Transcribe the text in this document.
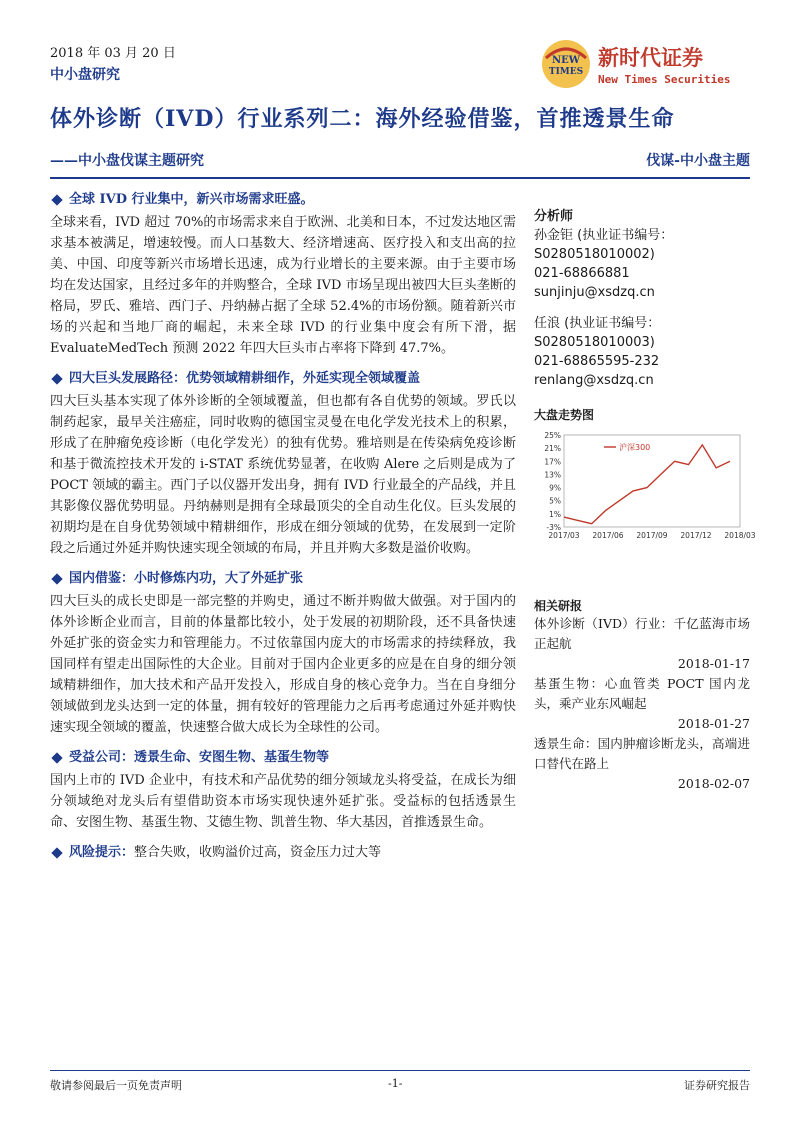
2018 年 03 月 20 日
中小盘研究
NEW
TIMES
新时代证券
New Times Securities
体外诊断（IVD）行业系列二：海外经验借鉴，首推透景生命
——中小盘伐谋主题研究	伐谋-中小盘主题
全球 IVD 行业集中，新兴市场需求旺盛。

全球来看，IVD 超过 70%的市场需求来自于欧洲、北美和日本，不过发达地区需求基本被满足，增速较慢。而人口基数大、经济增速高、医疗投入和支出高的拉美、中国、印度等新兴市场增长迅速，成为行业增长的主要来源。由于主要市场均在发达国家，且经过多年的并购整合，全球 IVD 市场呈现出被四大巨头垄断的格局，罗氏、雅培、西门子、丹纳赫占据了全球 52.4%的市场份额。随着新兴市场的兴起和当地厂商的崛起，未来全球 IVD 的行业集中度会有所下滑，据 EvaluateMedTech 预测 2022 年四大巨头市占率将下降到 47.7%。

四大巨头发展路径：优势领域精耕细作，外延实现全领域覆盖

四大巨头基本实现了体外诊断的全领域覆盖，但也都有各自优势的领域。罗氏以制药起家，最早关注癌症，同时收购的德国宝灵曼在电化学发光技术上的积累，形成了在肿瘤免疫诊断（电化学发光）的独有优势。雅培则是在传染病免疫诊断和基于微流控技术开发的 i-STAT 系统优势显著，在收购 Alere 之后则是成为了 POCT 领域的霸主。西门子以仪器开发出身，拥有 IVD 行业最全的产品线，并且其影像仪器优势明显。丹纳赫则是拥有全球最顶尖的全自动生化仪。巨头发展的初期均是在自身优势领域中精耕细作，形成在细分领域的优势，在发展到一定阶段之后通过外延并购快速实现全领域的布局，并且并购大多数是溢价收购。

国内借鉴：小时修炼内功，大了外延扩张

四大巨头的成长史即是一部完整的并购史，通过不断并购做大做强。对于国内的体外诊断企业而言，目前的体量都比较小，处于发展的初期阶段，还不具备快速外延扩张的资金实力和管理能力。不过依靠国内庞大的市场需求的持续释放，我国同样有望走出国际性的大企业。目前对于国内企业更多的应是在自身的细分领域精耕细作，加大技术和产品开发投入，形成自身的核心竞争力。当在自身细分领域做到龙头达到一定的体量，拥有较好的管理能力之后再考虑通过外延并购快速实现全领域的覆盖，快速整合做大成长为全球性的公司。

受益公司：透景生命、安图生物、基蛋生物等

国内上市的 IVD 企业中，有技术和产品优势的细分领域龙头将受益，在成长为细分领域绝对龙头后有望借助资本市场实现快速外延扩张。受益标的包括透景生命、安图生物、基蛋生物、艾德生物、凯普生物、华大基因，首推透景生命。

风险提示： 整合失败，收购溢价过高，资金压力过大等
分析师
孙金钜 (执业证书编号：
S0280518010002)
021-68866881
sunjinju@xsdzq.cn
任浪 (执业证书编号：
S0280518010003)
021-68865595-232
renlang@xsdzq.cn
大盘走势图
25%
21%
17%
13%
9%
5%
1%
-3%
2017/03 2017/06 2017/09 2017/12 2018/03
沪深300
相关研报
体外诊断（IVD）行业：千亿蓝海市场正起航
2018-01-17
基蛋生物：心血管类 POCT 国内龙头，乘产业东风崛起
2018-01-27
透景生命：国内肿瘤诊断龙头，高端进口替代在路上
2018-02-07
敬请参阅最后一页免责声明	-1-	证券研究报告
